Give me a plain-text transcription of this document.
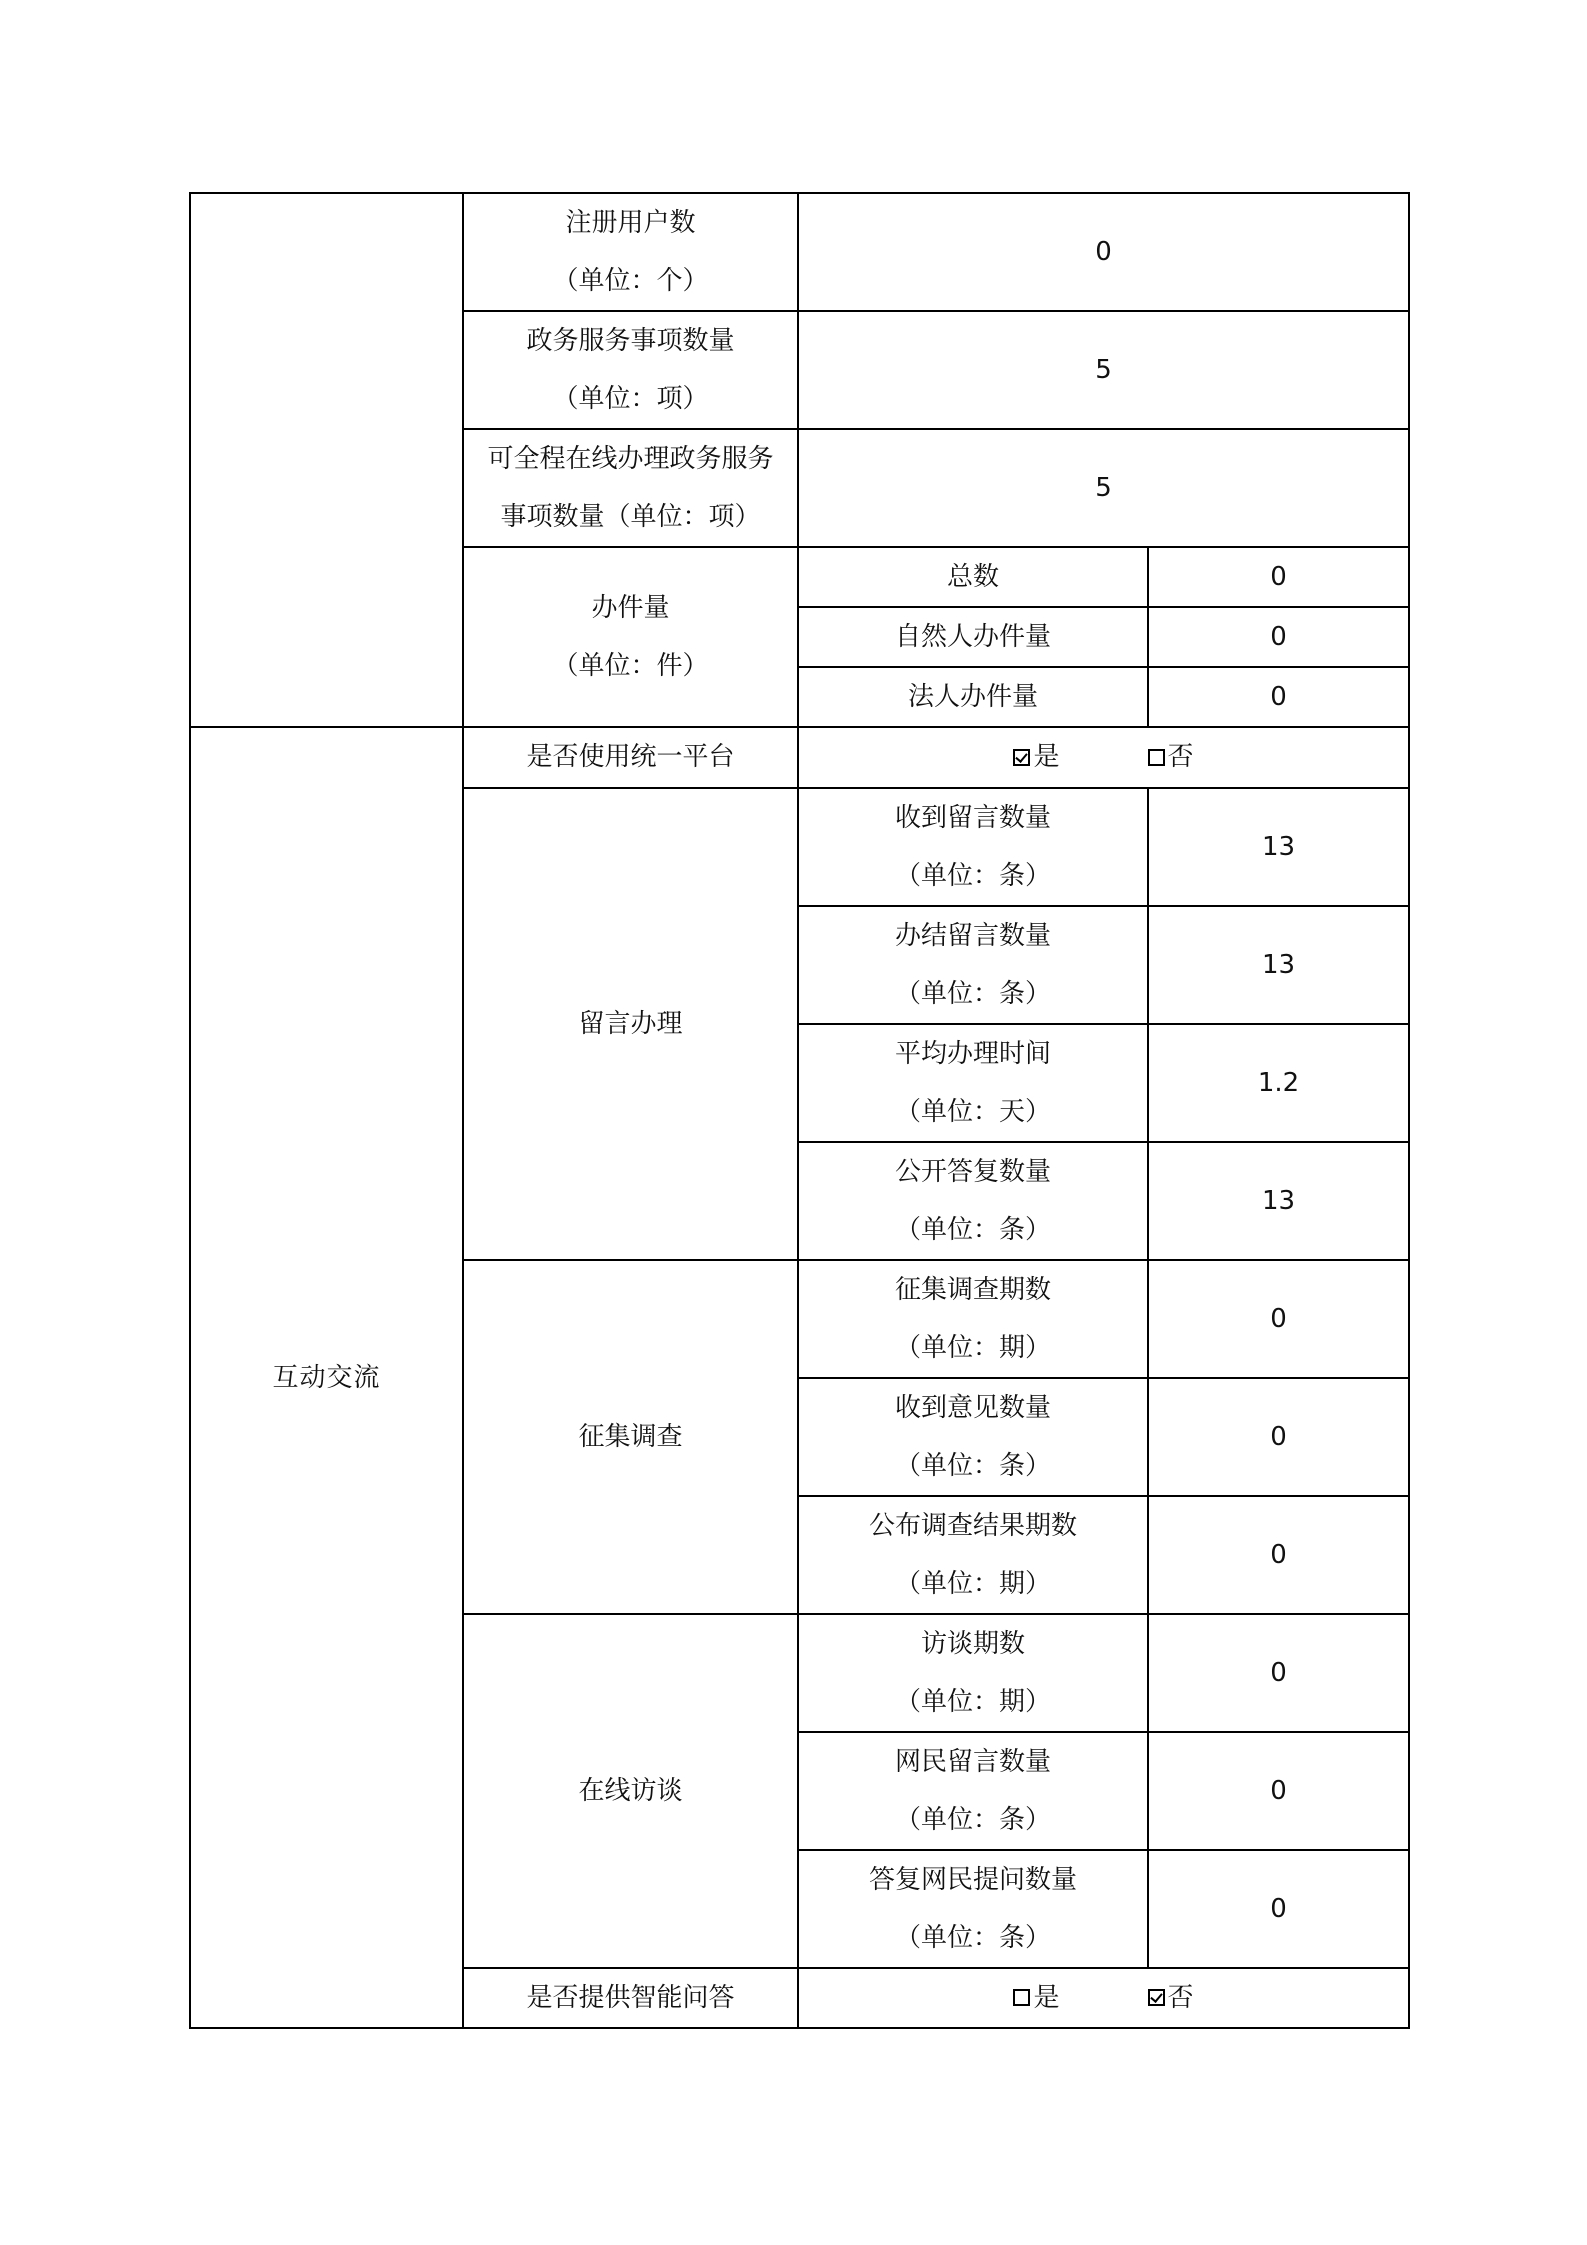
	注册用户数
（单位：个）	0	

	政务服务事项数量
（单位：项）	5	

	可全程在线办理政务服务
事项数量（单位：项）	5	

	办件量
（单位：件）	总数	0
		自然人办件量	0
		法人办件量	0
互动交流	是否使用统一平台	是 否	

	留言办理	收到留言数量
（单位：条）	13

		办结留言数量
（单位：条）	13

		平均办理时间
（单位：天）	1.2

		公开答复数量
（单位：条）	13
	征集调查	征集调查期数
（单位：期）	0

		收到意见数量
（单位：条）	0

		公布调查结果期数
（单位：期）	0
	在线访谈	访谈期数
（单位：期）	0

		网民留言数量
（单位：条）	0

		答复网民提问数量
（单位：条）	0
	是否提供智能问答	是 否	
